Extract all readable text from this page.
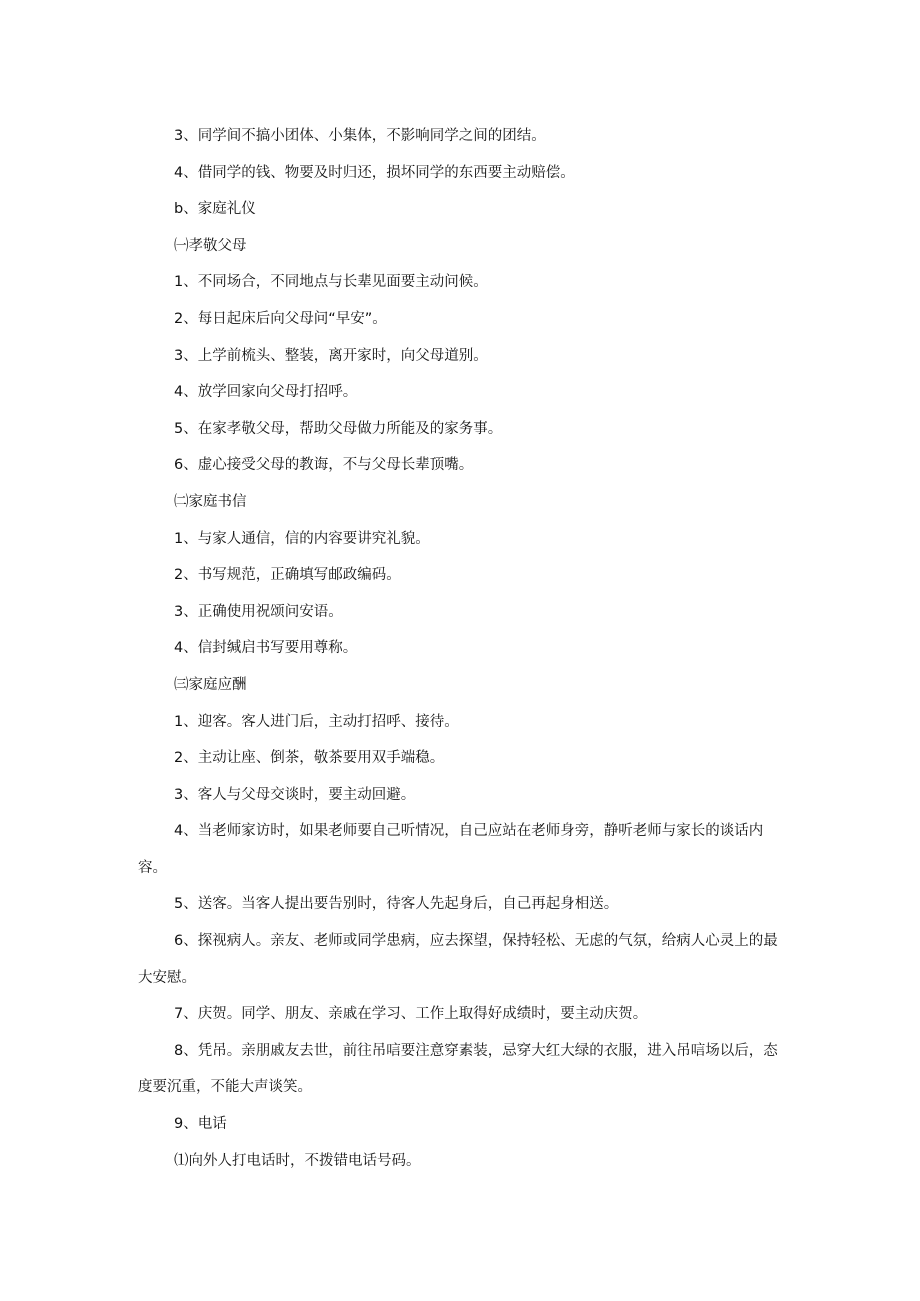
3、同学间不搞小团体、小集体，不影响同学之间的团结。

4、借同学的钱、物要及时归还，损坏同学的东西要主动赔偿。

b、家庭礼仪

㈠孝敬父母

1、不同场合，不同地点与长辈见面要主动问候。

2、每日起床后向父母问“早安”。

3、上学前梳头、整装，离开家时，向父母道别。

4、放学回家向父母打招呼。

5、在家孝敬父母，帮助父母做力所能及的家务事。

6、虚心接受父母的教诲，不与父母长辈顶嘴。

㈡家庭书信

1、与家人通信，信的内容要讲究礼貌。

2、书写规范，正确填写邮政编码。

3、正确使用祝颂问安语。

4、信封缄启书写要用尊称。

㈢家庭应酬

1、迎客。客人进门后，主动打招呼、接待。

2、主动让座、倒茶，敬茶要用双手端稳。

3、客人与父母交谈时，要主动回避。

4、当老师家访时，如果老师要自己听情况，自己应站在老师身旁，静听老师与家长的谈话内容。

5、送客。当客人提出要告别时，待客人先起身后，自己再起身相送。

6、探视病人。亲友、老师或同学患病，应去探望，保持轻松、无虑的气氛，给病人心灵上的最大安慰。

7、庆贺。同学、朋友、亲戚在学习、工作上取得好成绩时，要主动庆贺。

8、凭吊。亲朋戚友去世，前往吊唁要注意穿素装，忌穿大红大绿的衣服，进入吊唁场以后，态度要沉重，不能大声谈笑。

9、电话

⑴向外人打电话时，不拨错电话号码。
